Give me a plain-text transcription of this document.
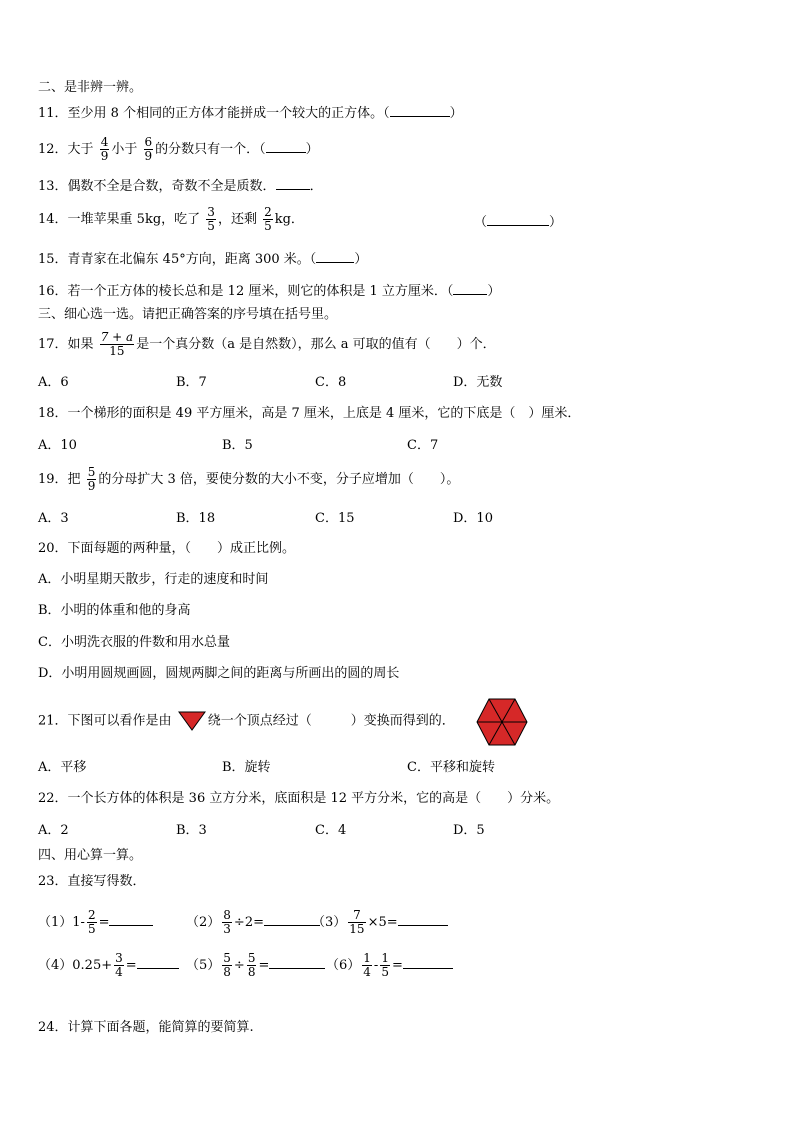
二、是非辨一辨。
11．至少用 8 个相同的正方体才能拼成一个较大的正方体。（	）
12．大于 $\frac{4}{9}$ 小于 $\frac{6}{9}$ 的分数只有一个．（	）
13．偶数不全是合数，奇数不全是质数．	．
14．一堆苹果重 5kg，吃了 $\frac{3}{5}$ ，还剩 $\frac{2}{5}$ kg．	（	）
15．青青家在北偏东 45°方向，距离 300 米。（	）
16．若一个正方体的棱长总和是 12 厘米，则它的体积是 1 立方厘米．（	）
三、细心选一选。请把正确答案的序号填在括号里。
17．如果 $\frac{7 + a}{15}$ 是一个真分数（a 是自然数），那么 a 可取的值有（　　）个．
A．6	B．7	C．8	D．无数
18．一个梯形的面积是 49 平方厘米，高是 7 厘米，上底是 4 厘米，它的下底是（　）厘米．
A．10	B．5	C．7
19．把 $\frac{5}{9}$ 的分母扩大 3 倍，要使分数的大小不变，分子应增加（　　）。
A．3	B．18	C．15	D．10
20．下面每题的两种量，（　　）成正比例。
A．小明星期天散步，行走的速度和时间
B．小明的体重和他的身高
C．小明洗衣服的件数和用水总量
D．小明用圆规画圆，圆规两脚之间的距离与所画出的圆的周长
21．下图可以看作是由	绕一个顶点经过（　　　）变换而得到的．
A．平移	B．旋转	C．平移和旋转
22．一个长方体的体积是 36 立方分米，底面积是 12 平方分米，它的高是（　　）分米。
A．2	B．3	C．4	D．5
四、用心算一算。
23．直接写得数．
$(1)1- \frac{2}{5}$ =	$(2) \frac{8}{3} \div 2=$	$(3) \frac{7}{15} \times 5=$
$(4)0.25+ \frac{3}{4}$ =	$(5) \frac{5}{8} \div \frac{5}{8}$ =	$(6) \frac{1}{4} - \frac{1}{5}$ =
24．计算下面各题，能简算的要简算.
